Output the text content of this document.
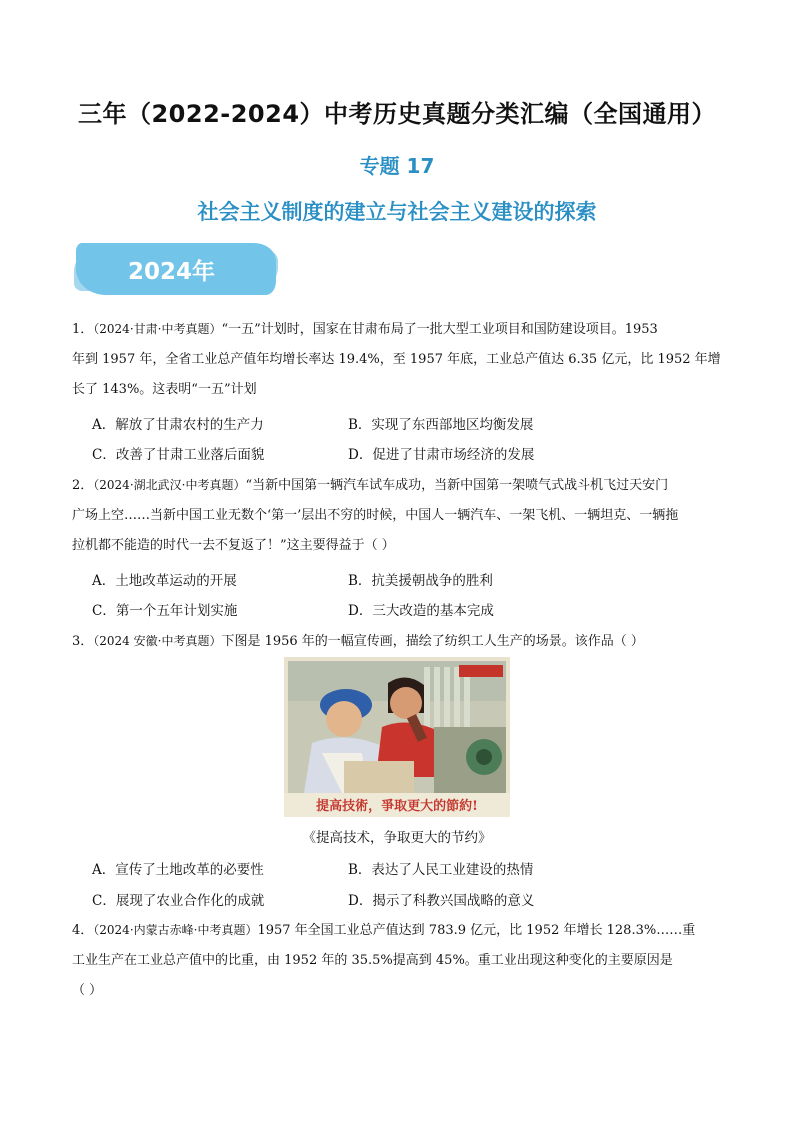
三年（2022-2024）中考历史真题分类汇编（全国通用）
专题 17
社会主义制度的建立与社会主义建设的探索
2024年
1．（2024·甘肃·中考真题）“一五”计划时，国家在甘肃布局了一批大型工业项目和国防建设项目。1953
年到 1957 年，全省工业总产值年均增长率达 19.4%，至 1957 年底，工业总产值达 6.35 亿元，比 1952 年增
长了 143%。这表明“一五”计划
A．解放了甘肃农村的生产力	B．实现了东西部地区均衡发展
C．改善了甘肃工业落后面貌	D．促进了甘肃市场经济的发展
2．（2024·湖北武汉·中考真题）“当新中国第一辆汽车试车成功，当新中国第一架喷气式战斗机飞过天安门
广场上空……当新中国工业无数个‘第一’层出不穷的时候，中国人一辆汽车、一架飞机、一辆坦克、一辆拖
拉机都不能造的时代一去不复返了！”这主要得益于（ ）
A．土地改革运动的开展	B．抗美援朝战争的胜利
C．第一个五年计划实施	D．三大改造的基本完成
3．（2024 安徽·中考真题）下图是 1956 年的一幅宣传画，描绘了纺织工人生产的场景。该作品（ ）
提高技術，爭取更大的節約!
《提高技术，争取更大的节约》
A．宣传了土地改革的必要性	B．表达了人民工业建设的热情
C．展现了农业合作化的成就	D．揭示了科教兴国战略的意义
4．（2024·内蒙古赤峰·中考真题）1957 年全国工业总产值达到 783.9 亿元，比 1952 年增长 128.3%……重
工业生产在工业总产值中的比重，由 1952 年的 35.5%提高到 45%。重工业出现这种变化的主要原因是
（ ）
